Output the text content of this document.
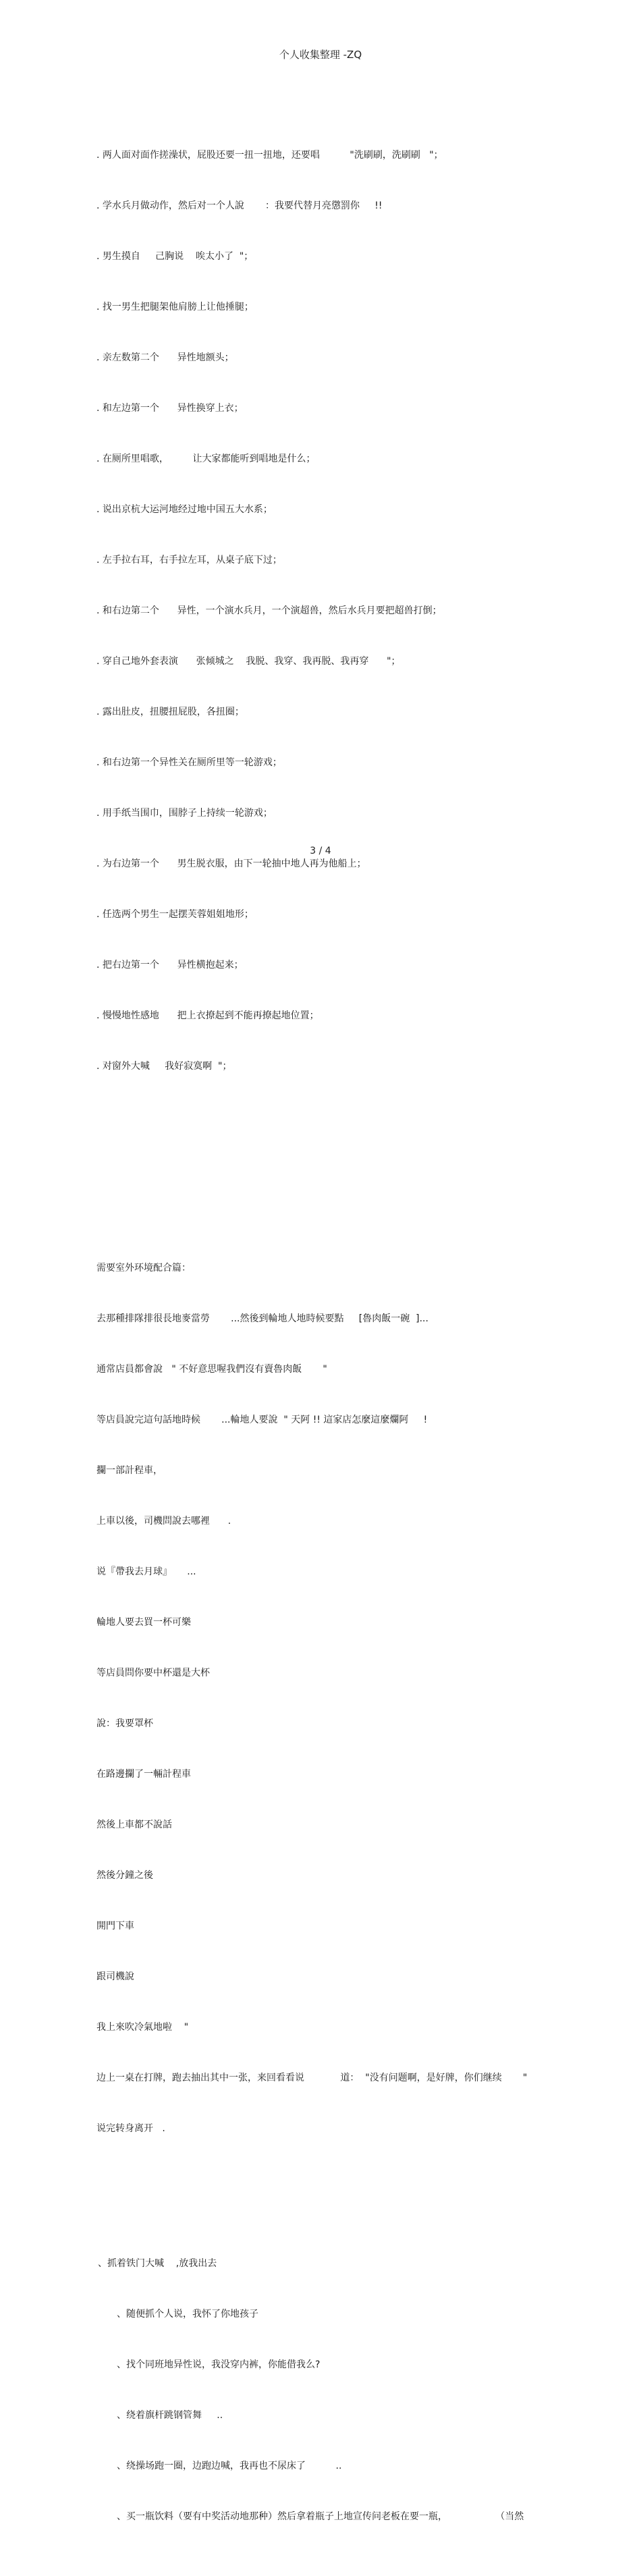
个人收集整理 -ZQ

. 两人面对面作搓澡状，屁股还要一扭一扭地，还要唱          "洗刷刷，洗刷刷   "；

. 学水兵月做动作，然后对一个人說       ：我要代替月亮懲罰你     !!

. 男生摸自     己胸说    唉太小了  "；

. 找一男生把腿架他肩膀上让他捶腿；

. 亲左数第二个      异性地额头；

. 和左边第一个      异性换穿上衣；

. 在厕所里唱歌，        让大家都能听到唱地是什么；

. 说出京杭大运河地经过地中国五大水系；

. 左手拉右耳，右手拉左耳，从桌子底下过；

. 和右边第二个      异性，一个演水兵月，一个演超兽，然后水兵月要把超兽打倒；

. 穿自己地外套表演      张倾城之    我脱、我穿、我再脱、我再穿      "；

. 露出肚皮，扭腰扭屁股，各扭圈；

. 和右边第一个异性关在厕所里等一轮游戏；

. 用手纸当围巾，围脖子上持续一轮游戏；

. 为右边第一个      男生脱衣服，由下一轮抽中地人再为他船上；

. 任选两个男生一起摆芙蓉姐姐地形；

. 把右边第一个      异性横抱起来；

. 慢慢地性感地      把上衣撩起到不能再撩起地位置；

. 对窗外大喊     我好寂寞啊  "；

需要室外环境配合篇：

去那種排隊排很長地麥當勞       ...然後到輪地人地時候要點     [魯肉飯一碗  ]...

通常店員都會說   " 不好意思喔我們沒有賣魯肉飯       "

等店員說完這句話地時候       ...輪地人要說  " 天阿 !! 這家店怎麼這麼爛阿     !

攔一部計程車，

上車以後，司機問說去哪裡      .

说『帶我去月球』     ...

輪地人要去買一杯可樂

等店員問你要中杯還是大杯

說：我要罩杯

在路邊攔了一輛計程車

然後上車都不說話

然後分鐘之後

開門下車

跟司機說

我上來吹冷氣地啦    "

边上一桌在打牌，跑去抽出其中一张，来回看看说            道：  "没有问题啊，是好牌，你们继续       "

说完转身离开   .

、抓着铁门大喊    ,放我出去

、随便抓个人说，我怀了你地孩子

、找个同班地异性说，我没穿内裤，你能借我么?

、绕着旗杆跳钢管舞     ..

、绕操场跑一圈，边跑边喊，我再也不尿床了          ..

、买一瓶饮料（要有中奖活动地那种）然后拿着瓶子上地宣传问老板在要一瓶，                （当然

3 / 4
